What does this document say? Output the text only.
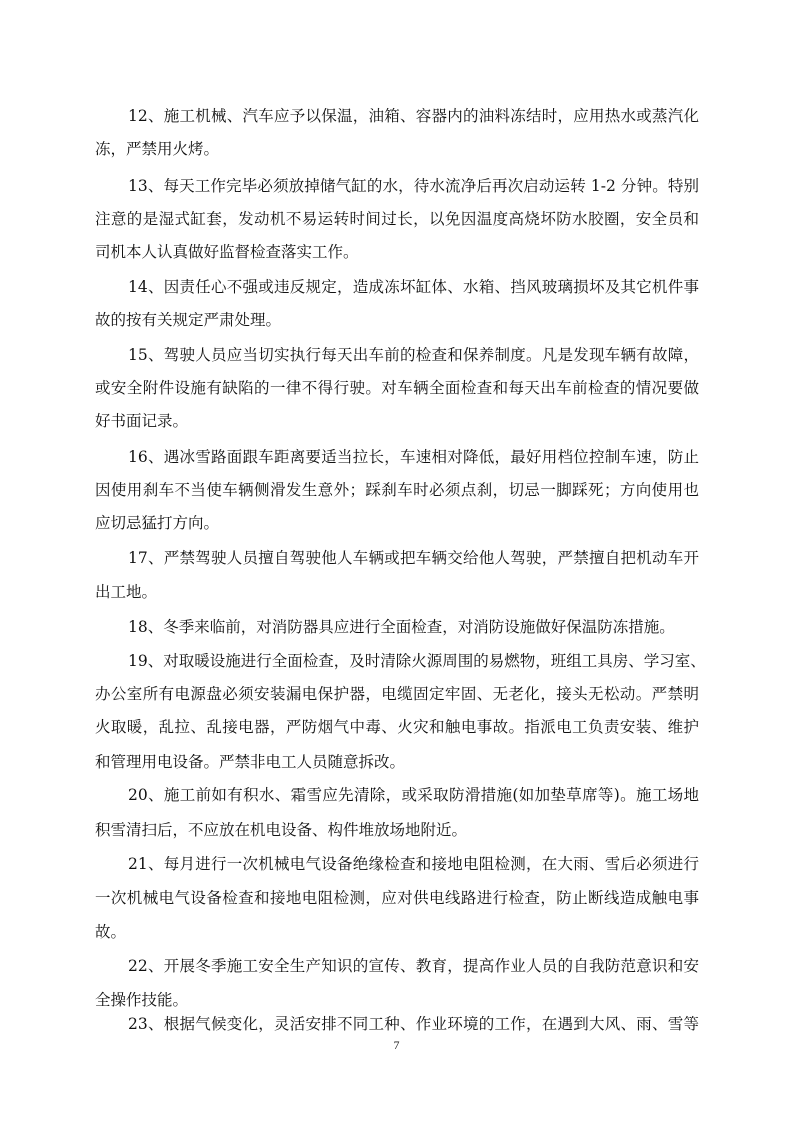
12、施工机械、汽车应予以保温，油箱、容器内的油料冻结时，应用热水或蒸汽化
冻，严禁用火烤。
13、每天工作完毕必须放掉储气缸的水，待水流净后再次启动运转 1-2 分钟。特别
注意的是湿式缸套，发动机不易运转时间过长，以免因温度高烧坏防水胶圈，安全员和
司机本人认真做好监督检查落实工作。
14、因责任心不强或违反规定，造成冻坏缸体、水箱、挡风玻璃损坏及其它机件事
故的按有关规定严肃处理。
15、驾驶人员应当切实执行每天出车前的检查和保养制度。凡是发现车辆有故障，
或安全附件设施有缺陷的一律不得行驶。对车辆全面检查和每天出车前检查的情况要做
好书面记录。
16、遇冰雪路面跟车距离要适当拉长，车速相对降低，最好用档位控制车速，防止
因使用刹车不当使车辆侧滑发生意外；踩刹车时必须点刹，切忌一脚踩死；方向使用也
应切忌猛打方向。
17、严禁驾驶人员擅自驾驶他人车辆或把车辆交给他人驾驶，严禁擅自把机动车开
出工地。
18、冬季来临前，对消防器具应进行全面检查，对消防设施做好保温防冻措施。
19、对取暖设施进行全面检查，及时清除火源周围的易燃物，班组工具房、学习室、
办公室所有电源盘必须安装漏电保护器，电缆固定牢固、无老化，接头无松动。严禁明
火取暖，乱拉、乱接电器，严防烟气中毒、火灾和触电事故。指派电工负责安装、维护
和管理用电设备。严禁非电工人员随意拆改。
20、施工前如有积水、霜雪应先清除，或采取防滑措施(如加垫草席等)。施工场地
积雪清扫后，不应放在机电设备、构件堆放场地附近。
21、每月进行一次机械电气设备绝缘检查和接地电阻检测，在大雨、雪后必须进行
一次机械电气设备检查和接地电阻检测，应对供电线路进行检查，防止断线造成触电事
故。
22、开展冬季施工安全生产知识的宣传、教育，提高作业人员的自我防范意识和安
全操作技能。
23、根据气候变化，灵活安排不同工种、作业环境的工作，在遇到大风、雨、雪等
7
